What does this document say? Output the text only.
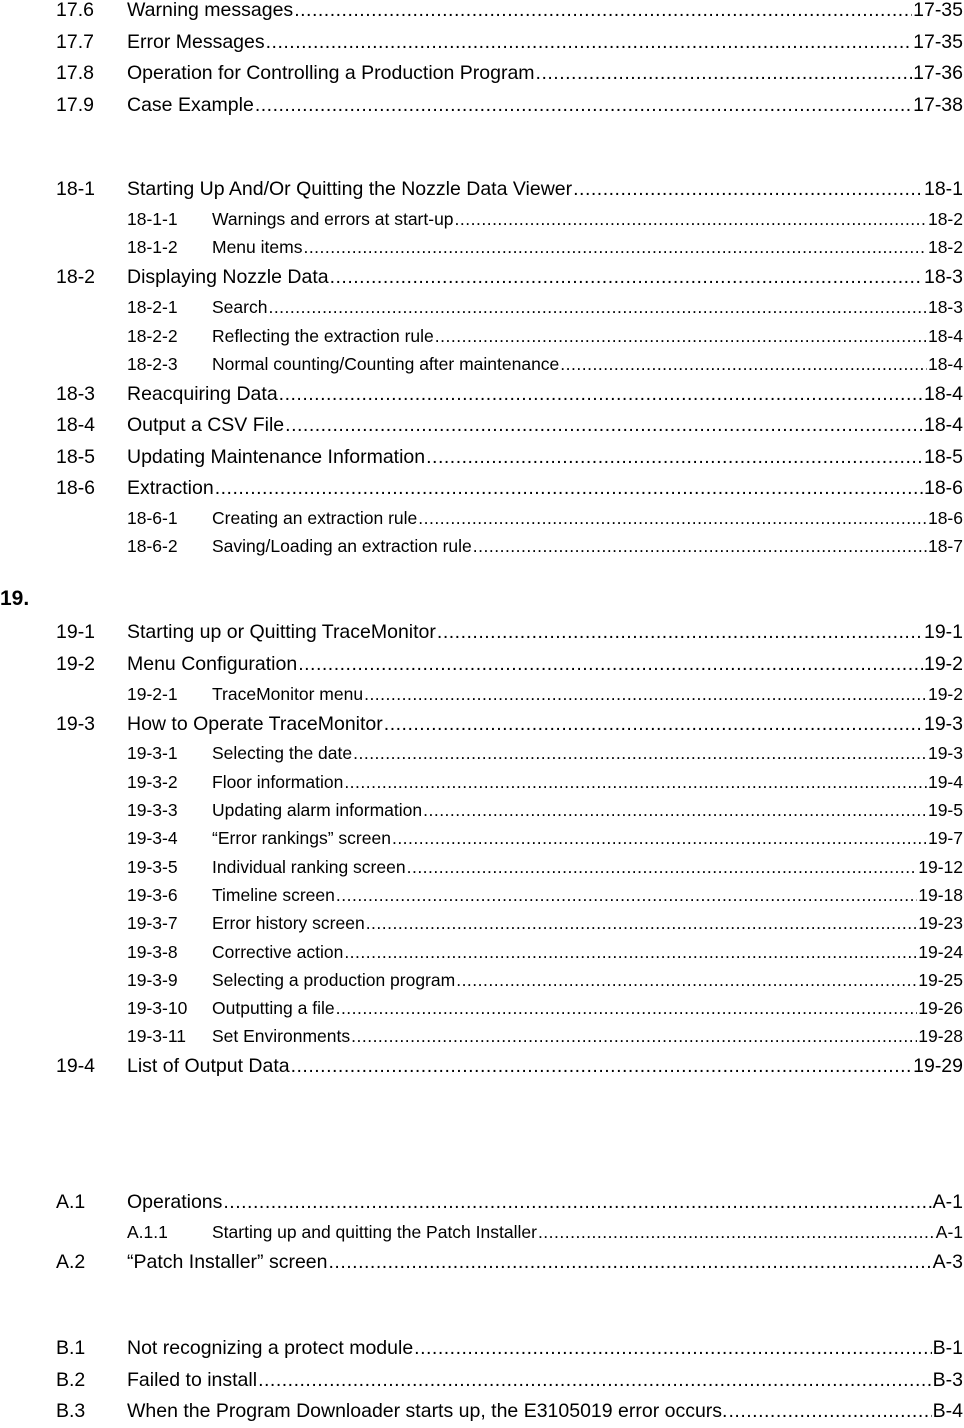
17.6 Warning messages .....	17-35
17.7 Error Messages .....	17-35
17.8 Operation for Controlling a Production Program .....	17-36
17.9 Case Example .....	17-38
18-1 Starting Up And/Or Quitting the Nozzle Data Viewer .....	18-1
18-1-1 Warnings and errors at start-up .....	18-2
18-1-2 Menu items .....	18-2
18-2 Displaying Nozzle Data .....	18-3
18-2-1 Search .....	18-3
18-2-2 Reflecting the extraction rule .....	18-4
18-2-3 Normal counting/Counting after maintenance .....	18-4
18-3 Reacquiring Data .....	18-4
18-4 Output a CSV File .....	18-4
18-5 Updating Maintenance Information .....	18-5
18-6 Extraction .....	18-6
18-6-1 Creating an extraction rule .....	18-6
18-6-2 Saving/Loading an extraction rule .....	18-7
19.
19-1 Starting up or Quitting TraceMonitor .....	19-1
19-2 Menu Configuration .....	19-2
19-2-1 TraceMonitor menu .....	19-2
19-3 How to Operate TraceMonitor .....	19-3
19-3-1 Selecting the date .....	19-3
19-3-2 Floor information .....	19-4
19-3-3 Updating alarm information .....	19-5
19-3-4 “Error rankings” screen .....	19-7
19-3-5 Individual ranking screen .....	19-12
19-3-6 Timeline screen .....	19-18
19-3-7 Error history screen .....	19-23
19-3-8 Corrective action .....	19-24
19-3-9 Selecting a production program .....	19-25
19-3-10 Outputting a file .....	19-26
19-3-11 Set Environments .....	19-28
19-4 List of Output Data .....	19-29
A.1 Operations .....	A-1
A.1.1	Starting up and quitting the Patch Installer .....	A-1
A.2 “Patch Installer” screen .....	A-3
B.1 Not recognizing a protect module .....	B-1
B.2 Failed to install .....	B-3
B.3 When the Program Downloader starts up, the E3105019 error occurs. .....	B-4
